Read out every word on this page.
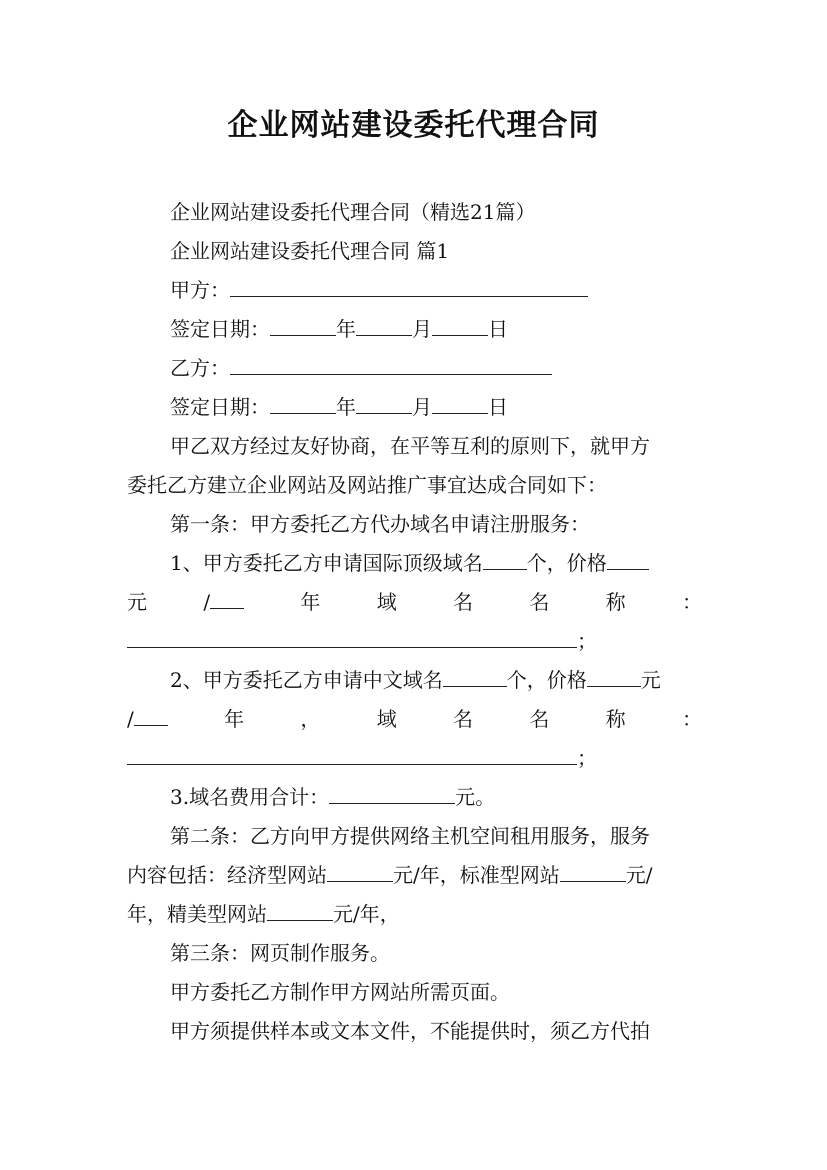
企业网站建设委托代理合同
企业网站建设委托代理合同（精选21篇）
企业网站建设委托代理合同 篇1
甲方：
签定日期：	年	月	日
乙方：
签定日期：	年	月	日
甲乙双方经过友好协商，在平等互利的原则下，就甲方
委托乙方建立企业网站及网站推广事宜达成合同如下：
第一条：甲方委托乙方代办域名申请注册服务：
1、甲方委托乙方申请国际顶级域名 个，价格
元	/	年	域	名	名	称	：
；
2、甲方委托乙方申请中文域名	个，价格	元
/	年	，	域	名	名	称	：
；
3.域名费用合计：	元。
第二条：乙方向甲方提供网络主机空间租用服务，服务
内容包括：经济型网站	元/年，标准型网站	元/
年，精美型网站	元/年，
第三条：网页制作服务。
甲方委托乙方制作甲方网站所需页面。
甲方须提供样本或文本文件，不能提供时，须乙方代拍
